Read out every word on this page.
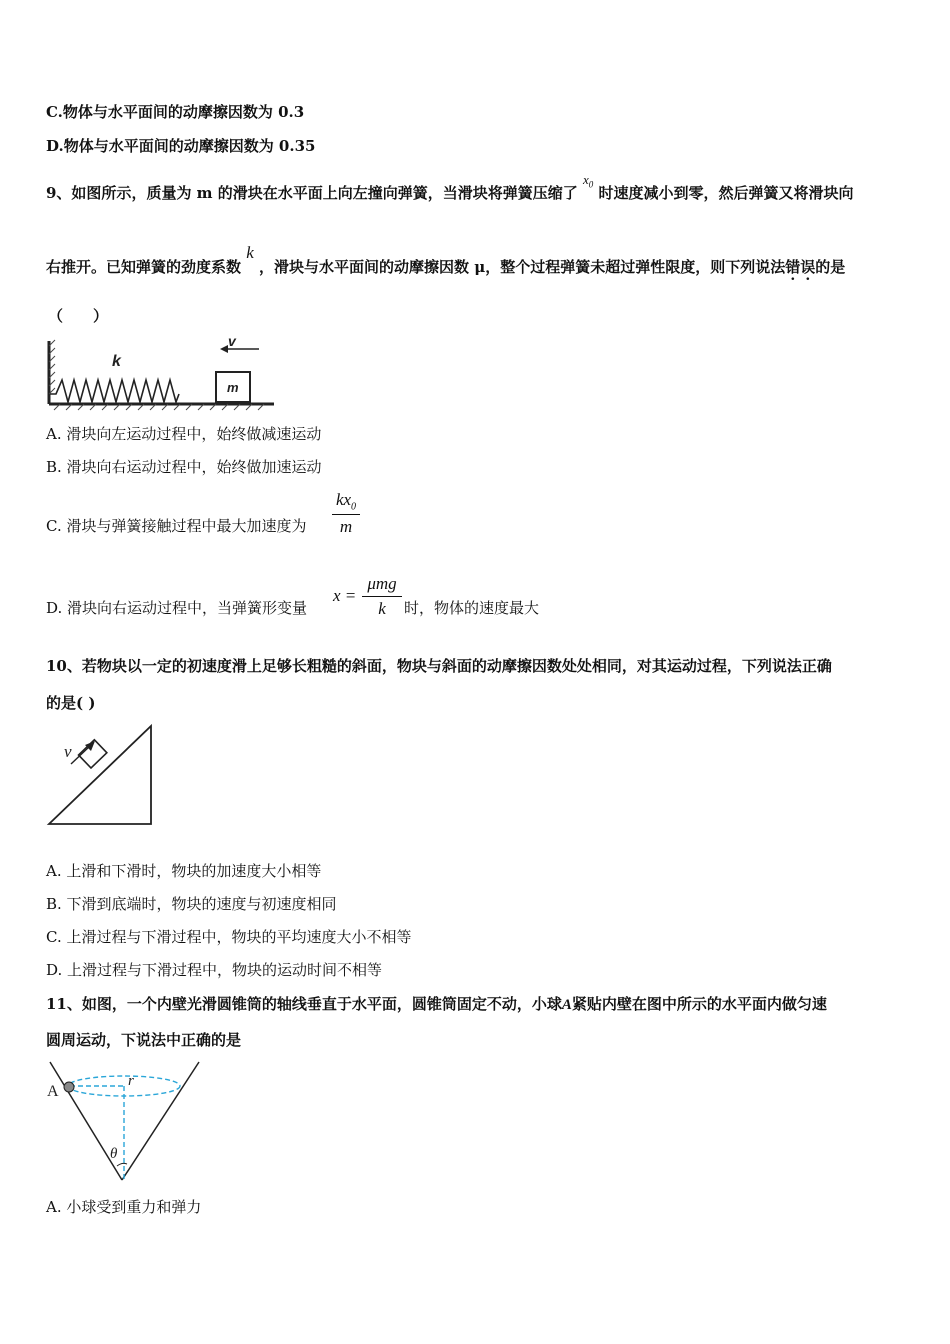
C.物体与水平面间的动摩擦因数为 0.3
D.物体与水平面间的动摩擦因数为 0.35
9、如图所示，质量为 m 的滑块在水平面上向左撞向弹簧，当滑块将弹簧压缩了 $x_0$ 时速度减小到零，然后弹簧又将滑块向
右推开。已知弹簧的劲度系数 k ，滑块与水平面间的动摩擦因数 μ，整个过程弹簧未超过弹性限度，则下列说法错误的是
（　　）
k
v
m
A. 滑块向左运动过程中，始终做减速运动
B. 滑块向右运动过程中，始终做加速运动
C. 滑块与弹簧接触过程中最大加速度为
$kx_0$
m
D. 滑块向右运动过程中，当弹簧形变量
x =
μmg
k	时，物体的速度最大
10、若物块以一定的初速度滑上足够长粗糙的斜面，物块与斜面的动摩擦因数处处相同，对其运动过程，下列说法正确
的是( )
v
A. 上滑和下滑时，物块的加速度大小相等
B. 下滑到底端时，物块的速度与初速度相同
C. 上滑过程与下滑过程中，物块的平均速度大小不相等
D. 上滑过程与下滑过程中，物块的运动时间不相等
11、如图，一个内壁光滑圆锥筒的轴线垂直于水平面，圆锥筒固定不动，小球A紧贴内壁在图中所示的水平面内做匀速
圆周运动，下说法中正确的是
A
r
θ
A. 小球受到重力和弹力
